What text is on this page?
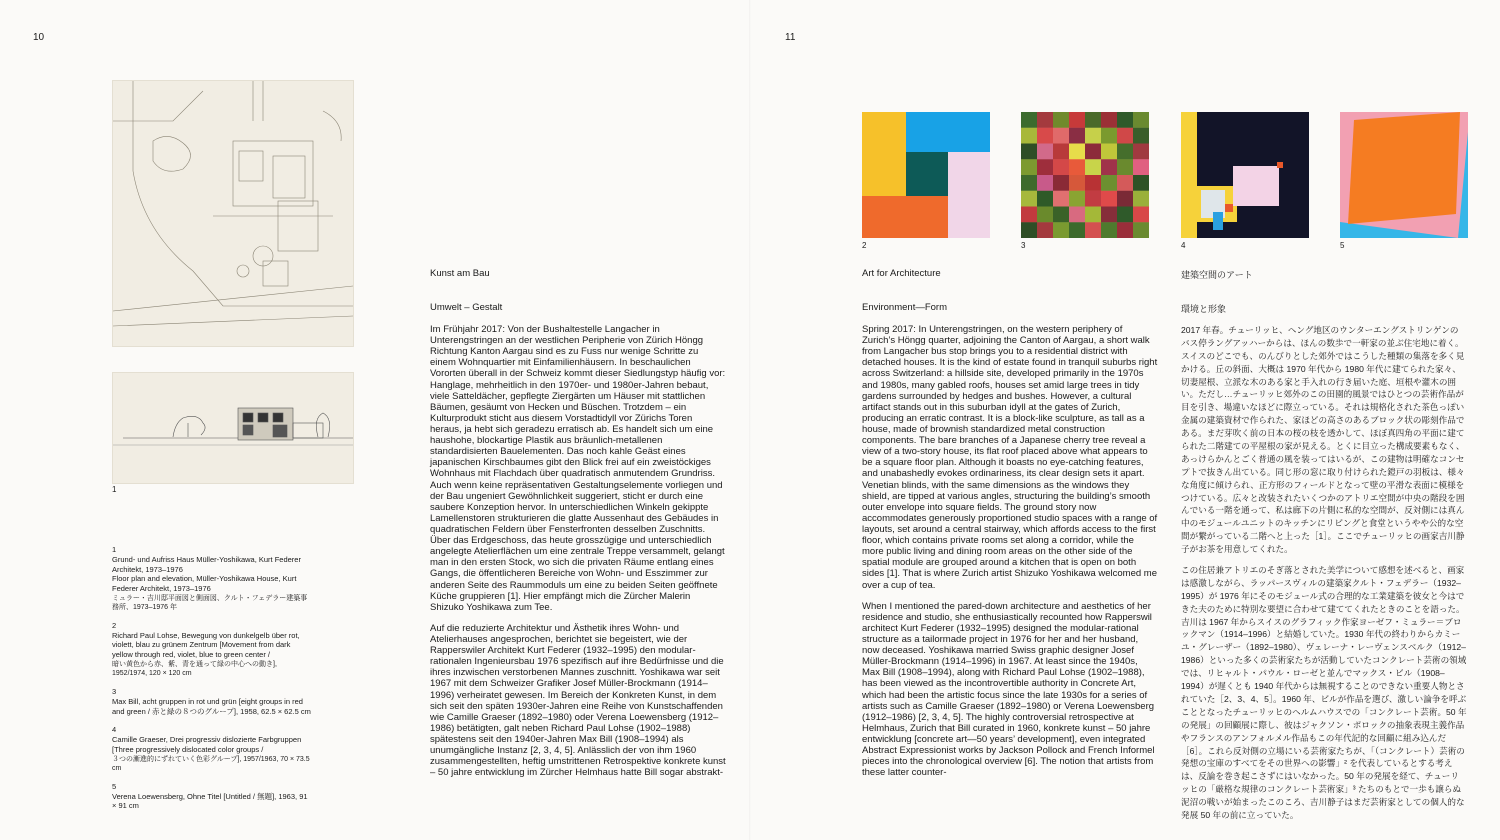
10
1
1
Grund- und Aufriss Haus Müller-Yoshikawa, Kurt Federer Architekt, 1973–1976
Floor plan and elevation, Müller-Yoshikawa House, Kurt Federer Architekt, 1973–1976
ミュラー・吉川邸平面図と側面図、クルト・フェデラー建築事務所、1973–1976 年
2
Richard Paul Lohse, Bewegung von dunkelgelb über rot, violett, blau zu grünem Zentrum [Movement from dark yellow through red, violet, blue to green center /
暗い黄色から赤、紫、青を通って緑の中心への動き], 1952/1974, 120 × 120 cm
3
Max Bill, acht gruppen in rot und grün [eight groups in red and green / 赤と緑の８つのグループ], 1958, 62.5 × 62.5 cm
4
Camille Graeser, Drei progressiv dislozierte Farbgruppen [Three progressively dislocated color groups /
３つの漸進的にずれていく色彩グループ], 1957/1963, 70 × 73.5 cm
5
Verena Loewensberg, Ohne Titel [Untitled / 無題], 1963, 91 × 91 cm
Kunst am Bau
Umwelt – Gestalt

Im Frühjahr 2017: Von der Bushaltestelle Langacher in Unterengstringen an der westlichen Peripherie von Zürich Höngg Richtung Kanton Aargau sind es zu Fuss nur wenige Schritte zu einem Wohnquartier mit Einfamilienhäusern. In beschaulichen Vororten überall in der Schweiz kommt dieser Siedlungstyp häufig vor: Hanglage, mehrheitlich in den 1970er- und 1980er-Jahren bebaut, viele Satteldächer, gepflegte Ziergärten um Häuser mit stattlichen Bäumen, gesäumt von Hecken und Büschen. Trotzdem – ein Kulturprodukt sticht aus diesem Vorstadtidyll vor Zürichs Toren heraus, ja hebt sich geradezu erratisch ab. Es handelt sich um eine haushohe, blockartige Plastik aus bräunlich-metallenen standardisierten Bauelementen. Das noch kahle Geäst eines japanischen Kirschbaumes gibt den Blick frei auf ein zweistöckiges Wohnhaus mit Flachdach über quadratisch anmutendem Grundriss. Auch wenn keine repräsentativen Gestaltungselemente vorliegen und der Bau ungeniert Gewöhnlichkeit suggeriert, sticht er durch eine saubere Konzeption hervor. In unterschiedlichen Winkeln gekippte Lamellenstoren strukturieren die glatte Aussenhaut des Gebäudes in quadratischen Feldern über Fensterfronten desselben Zuschnitts. Über das Erdgeschoss, das heute grosszügige und unterschiedlich angelegte Atelierflächen um eine zentrale Treppe versammelt, gelangt man in den ersten Stock, wo sich die privaten Räume entlang eines Gangs, die öffentlicheren Bereiche von Wohn- und Esszimmer zur anderen Seite des Raummoduls um eine zu beiden Seiten geöffnete Küche gruppieren [1]. Hier empfängt mich die Zürcher Malerin Shizuko Yoshikawa zum Tee.

Auf die reduzierte Architektur und Ästhetik ihres Wohn- und Atelierhauses angesprochen, berichtet sie begeistert, wie der Rapperswiler Architekt Kurt Federer (1932–1995) den modular-rationalen Ingenieursbau 1976 spezifisch auf ihre Bedürfnisse und die ihres inzwischen verstorbenen Mannes zuschnitt. Yoshikawa war seit 1967 mit dem Schweizer Grafiker Josef Müller-Brockmann (1914–1996) verheiratet gewesen. Im Bereich der Konkreten Kunst, in dem sich seit den späten 1930er-Jahren eine Reihe von Kunstschaffenden wie Camille Graeser (1892–1980) oder Verena Loewensberg (1912–1986) betätigten, galt neben Richard Paul Lohse (1902–1988) spätestens seit den 1940er-Jahren Max Bill (1908–1994) als unumgängliche Instanz [2, 3, 4, 5]. Anlässlich der von ihm 1960 zusammengestellten, heftig umstrittenen Retrospektive konkrete kunst – 50 jahre entwicklung im Zürcher Helmhaus hatte Bill sogar abstrakt-

11
2	3	4	5
Art for Architecture
Environment—Form

Spring 2017: In Unterengstringen, on the western periphery of Zurich’s Höngg quarter, adjoining the Canton of Aargau, a short walk from Langacher bus stop brings you to a residential district with detached houses. It is the kind of estate found in tranquil suburbs right across Switzerland: a hillside site, developed primarily in the 1970s and 1980s, many gabled roofs, houses set amid large trees in tidy gardens surrounded by hedges and bushes. However, a cultural artifact stands out in this suburban idyll at the gates of Zurich, producing an erratic contrast. It is a block-like sculpture, as tall as a house, made of brownish standardized metal construction components. The bare branches of a Japanese cherry tree reveal a view of a two-story house, its flat roof placed above what appears to be a square floor plan. Although it boasts no eye-catching features, and unabashedly evokes ordinariness, its clear design sets it apart. Venetian blinds, with the same dimensions as the windows they shield, are tipped at various angles, structuring the building’s smooth outer envelope into square fields. The ground story now accommodates generously proportioned studio spaces with a range of layouts, set around a central stairway, which affords access to the first floor, which contains private rooms set along a corridor, while the more public living and dining room areas on the other side of the spatial module are grouped around a kitchen that is open on both sides [1]. That is where Zurich artist Shizuko Yoshikawa welcomed me over a cup of tea.

When I mentioned the pared-down architecture and aesthetics of her residence and studio, she enthusiastically recounted how Rapperswil architect Kurt Federer (1932–1995) designed the modular-rational structure as a tailormade project in 1976 for her and her husband, now deceased. Yoshikawa married Swiss graphic designer Josef Müller-Brockmann (1914–1996) in 1967. At least since the 1940s, Max Bill (1908–1994), along with Richard Paul Lohse (1902–1988), has been viewed as the incontrovertible authority in Concrete Art, which had been the artistic focus since the late 1930s for a series of artists such as Camille Graeser (1892–1980) or Verena Loewensberg (1912–1986) [2, 3, 4, 5]. The highly controversial retrospective at Helmhaus, Zurich that Bill curated in 1960, konkrete kunst – 50 jahre entwicklung [concrete art—50 years’ development], even integrated Abstract Expressionist works by Jackson Pollock and French Informel pieces into the chronological overview [6]. The notion that artists from these latter counter-

建築空間のアート
環境と形象

2017 年春。チューリッヒ、ヘング地区のウンターエングストリンゲンのバス停ラングアッハーからは、ほんの数歩で一軒家の並ぶ住宅地に着く。スイスのどこでも、のんびりとした郊外ではこうした種類の集落を多く見かける。丘の斜面、大概は 1970 年代から 1980 年代に建てられた家々、切妻屋根、立派な木のある家と手入れの行き届いた庭、垣根や灌木の囲い。ただし…チューリッヒ郊外のこの田園的風景ではひとつの芸術作品が目を引き、場違いなほどに際立っている。それは規格化された茶色っぽい金属の建築資材で作られた、家ほどの高さのあるブロック状の彫刻作品である。まだ芽吹く前の日本の桜の枝を透かして、ほぼ真四角の平面に建てられた二階建ての平屋根の家が見える。とくに目立った構成要素もなく、あっけらかんとごく普通の風を装ってはいるが、この建物は明確なコンセプトで抜きん出ている。同じ形の窓に取り付けられた鎧戸の羽板は、様々な角度に傾けられ、正方形のフィールドとなって壁の平滑な表面に模様をつけている。広々と改装されたいくつかのアトリエ空間が中央の階段を囲んでいる一階を通って、私は廊下の片側に私的な空間が、反対側には真ん中のモジュールユニットのキッチンにリビングと食堂というやや公的な空間が繋がっている二階へと上った［1］。ここでチューリッヒの画家吉川静子がお茶を用意してくれた。

この住居兼アトリエのそぎ落とされた美学について感想を述べると、画家は感激しながら、ラッパースヴィルの建築家クルト・フェデラー（1932–1995）が 1976 年にそのモジュール式の合理的な工業建築を彼女と今はできた夫のために特別な要望に合わせて建ててくれたときのことを語った。吉川は 1967 年からスイスのグラフィック作家ヨーゼフ・ミュラー＝ブロックマン（1914–1996）と結婚していた。1930 年代の終わりからカミーユ・グレーザー（1892–1980）、ヴェレーナ・レーヴェンスベルク（1912–1986）といった多くの芸術家たちが活動していたコンクレート芸術の領域では、リヒャルト・パウル・ローゼと並んでマックス・ビル（1908–1994）が遅くとも 1940 年代からは無視することのできない重要人物とされていた［2、3、4、5］。1960 年、ビルが作品を選び、激しい論争を呼ぶこととなったチューリッヒのヘルムハウスでの「コンクレート芸術。50 年の発展」の回顧展に際し、彼はジャクソン・ポロックの抽象表現主義作品やフランスのアンフォルメル作品もこの年代記的な回顧に組み込んだ［6］。これら反対側の立場にいる芸術家たちが、「（コンクレート）芸術の発想の宝庫のすべてをその世界への影響」² を代表しているとする考えは、反論を巻き起こさずにはいなかった。50 年の発展を経て、チューリッヒの「厳格な規律のコンクレート芸術家」³ たちのもとで一歩も譲らぬ泥沼の戦いが始まったこのころ、吉川静子はまだ芸術家としての個人的な発展 50 年の前に立っていた。
